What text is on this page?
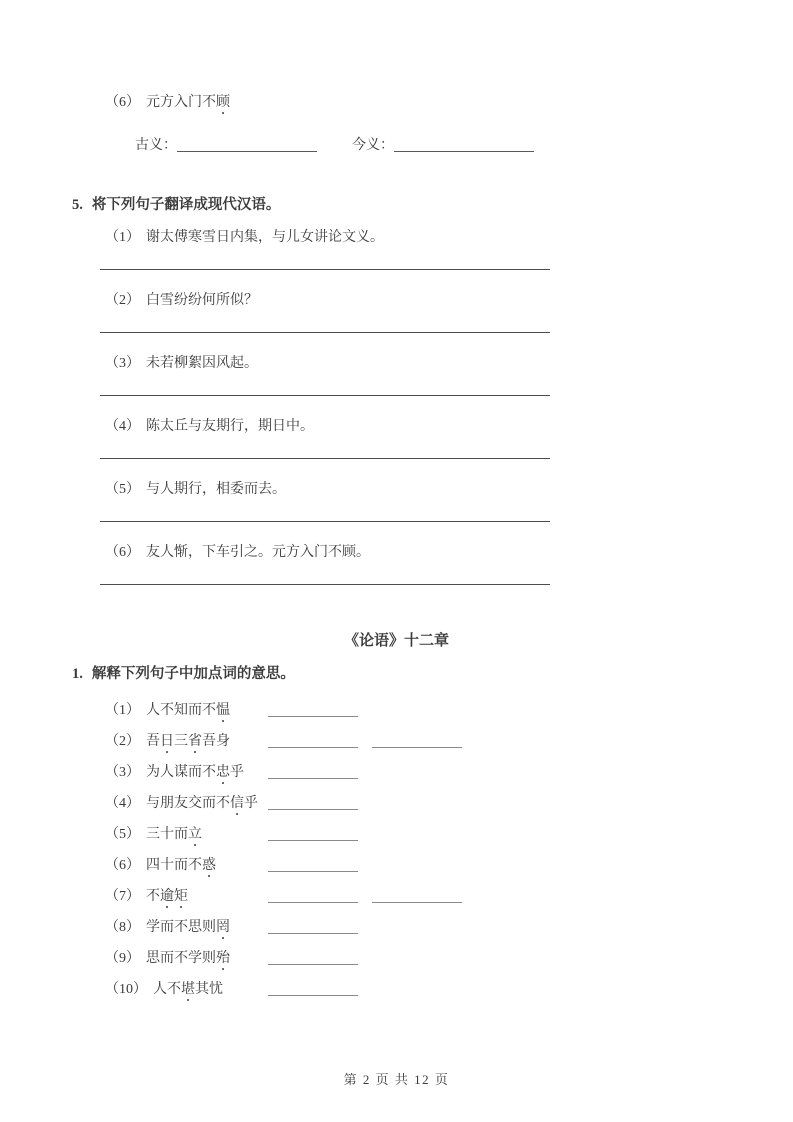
（6） 元方入门不顾
古义：	今义：
5. 将下列句子翻译成现代汉语。
（1） 谢太傅寒雪日内集，与儿女讲论文义。
（2） 白雪纷纷何所似？
（3） 未若柳絮因风起。
（4） 陈太丘与友期行，期日中。
（5） 与人期行，相委而去。
（6） 友人惭，下车引之。元方入门不顾。
《论语》十二章
1. 解释下列句子中加点词的意思。
（1） 人不知而不愠
（2） 吾日三省吾身
（3） 为人谋而不忠乎
（4） 与朋友交而不信乎
（5） 三十而立
（6） 四十而不惑
（7） 不逾矩
（8） 学而不思则罔
（9） 思而不学则殆
（10） 人不堪其忧
第 2 页 共 12 页
